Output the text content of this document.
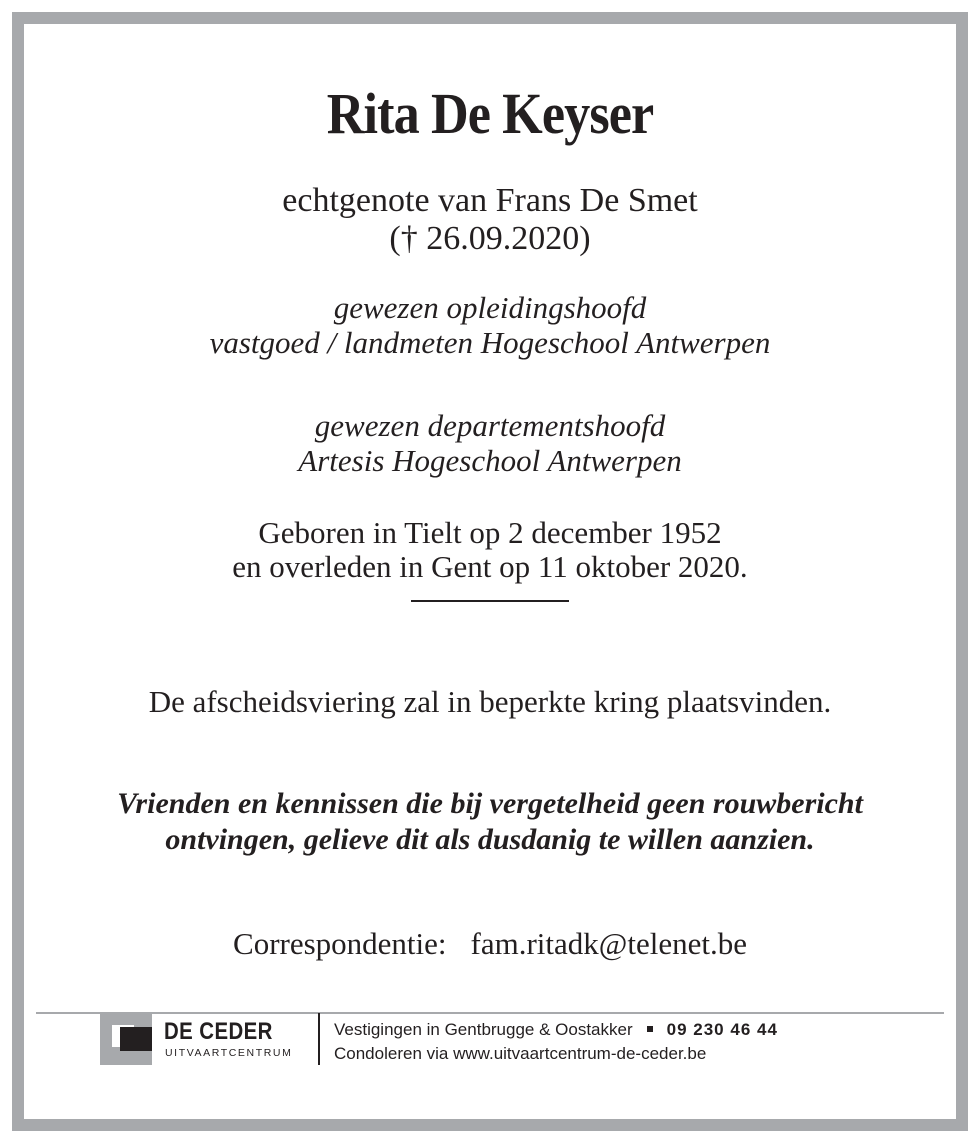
Rita De Keyser
echtgenote van Frans De Smet
(† 26.09.2020)
gewezen opleidingshoofd
vastgoed / landmeten Hogeschool Antwerpen
gewezen departementshoofd
Artesis Hogeschool Antwerpen
Geboren in Tielt op 2 december 1952
en overleden in Gent op 11 oktober 2020.
De afscheidsviering zal in beperkte kring plaatsvinden.
Vrienden en kennissen die bij vergetelheid geen rouwbericht
ontvingen, gelieve dit als dusdanig te willen aanzien.
Correspondentie: fam.ritadk@telenet.be
DE CEDER
UITVAARTCENTRUM
Vestigingen in Gentbrugge & Oostakker 09 230 46 44
Condoleren via www.uitvaartcentrum-de-ceder.be
